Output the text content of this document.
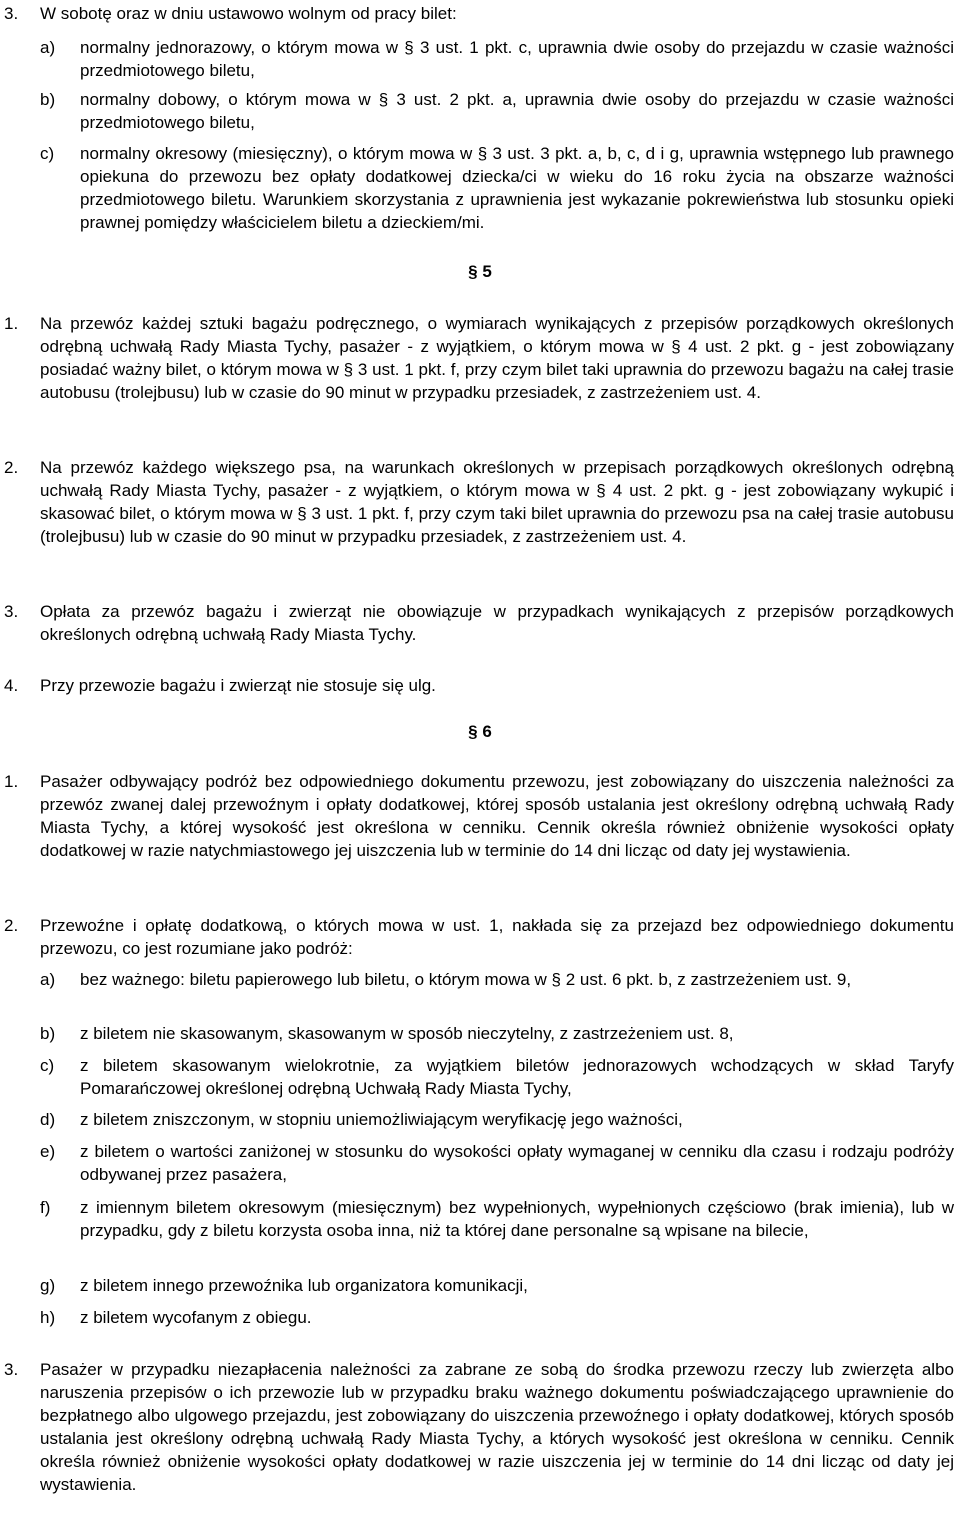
3. W sobotę oraz w dniu ustawowo wolnym od pracy bilet:
a) normalny jednorazowy, o którym mowa w § 3 ust. 1 pkt. c, uprawnia dwie osoby do przejazdu w czasie ważności przedmiotowego biletu,
b) normalny dobowy, o którym mowa w § 3 ust. 2 pkt. a, uprawnia dwie osoby do przejazdu w czasie ważności przedmiotowego biletu,
c) normalny okresowy (miesięczny), o którym mowa w § 3 ust. 3 pkt. a, b, c, d i g, uprawnia wstępnego lub prawnego opiekuna do przewozu bez opłaty dodatkowej dziecka/ci w wieku do 16 roku życia na obszarze ważności przedmiotowego biletu. Warunkiem skorzystania z uprawnienia jest wykazanie pokrewieństwa lub stosunku opieki prawnej pomiędzy właścicielem biletu a dzieckiem/mi.
§ 5
1. Na przewóz każdej sztuki bagażu podręcznego, o wymiarach wynikających z przepisów porządkowych określonych odrębną uchwałą Rady Miasta Tychy, pasażer - z wyjątkiem, o którym mowa w § 4 ust. 2 pkt. g - jest zobowiązany posiadać ważny bilet, o którym mowa w § 3 ust. 1 pkt. f, przy czym bilet taki uprawnia do przewozu bagażu na całej trasie autobusu (trolejbusu) lub w czasie do 90 minut w przypadku przesiadek, z zastrzeżeniem ust. 4.
2. Na przewóz każdego większego psa, na warunkach określonych w przepisach porządkowych określonych odrębną uchwałą Rady Miasta Tychy, pasażer - z wyjątkiem, o którym mowa w § 4 ust. 2 pkt. g - jest zobowiązany wykupić i skasować bilet, o którym mowa w § 3 ust. 1 pkt. f, przy czym taki bilet uprawnia do przewozu psa na całej trasie autobusu (trolejbusu) lub w czasie do 90 minut w przypadku przesiadek, z zastrzeżeniem ust. 4.
3. Opłata za przewóz bagażu i zwierząt nie obowiązuje w przypadkach wynikających z przepisów porządkowych określonych odrębną uchwałą Rady Miasta Tychy.
4. Przy przewozie bagażu i zwierząt nie stosuje się ulg.
§ 6
1. Pasażer odbywający podróż bez odpowiedniego dokumentu przewozu, jest zobowiązany do uiszczenia należności za przewóz zwanej dalej przewoźnym i opłaty dodatkowej, której sposób ustalania jest określony odrębną uchwałą Rady Miasta Tychy, a której wysokość jest określona w cenniku. Cennik określa również obniżenie wysokości opłaty dodatkowej w razie natychmiastowego jej uiszczenia lub w terminie do 14 dni licząc od daty jej wystawienia.
2. Przewoźne i opłatę dodatkową, o których mowa w ust. 1, nakłada się za przejazd bez odpowiedniego dokumentu przewozu, co jest rozumiane jako podróż:
a) bez ważnego: biletu papierowego lub biletu, o którym mowa w § 2 ust. 6 pkt. b, z zastrzeżeniem ust. 9,
b) z biletem nie skasowanym, skasowanym w sposób nieczytelny, z zastrzeżeniem ust. 8,
c) z biletem skasowanym wielokrotnie, za wyjątkiem biletów jednorazowych wchodzących w skład Taryfy Pomarańczowej określonej odrębną Uchwałą Rady Miasta Tychy,
d) z biletem zniszczonym, w stopniu uniemożliwiającym weryfikację jego ważności,
e) z biletem o wartości zaniżonej w stosunku do wysokości opłaty wymaganej w cenniku dla czasu i rodzaju podróży odbywanej przez pasażera,
f) z imiennym biletem okresowym (miesięcznym) bez wypełnionych, wypełnionych częściowo (brak imienia), lub w przypadku, gdy z biletu korzysta osoba inna, niż ta której dane personalne są wpisane na bilecie,
g) z biletem innego przewoźnika lub organizatora komunikacji,
h) z biletem wycofanym z obiegu.
3. Pasażer w przypadku niezapłacenia należności za zabrane ze sobą do środka przewozu rzeczy lub zwierzęta albo naruszenia przepisów o ich przewozie lub w przypadku braku ważnego dokumentu poświadczającego uprawnienie do bezpłatnego albo ulgowego przejazdu, jest zobowiązany do uiszczenia przewoźnego i opłaty dodatkowej, których sposób ustalania jest określony odrębną uchwałą Rady Miasta Tychy, a których wysokość jest określona w cenniku. Cennik określa również obniżenie wysokości opłaty dodatkowej w razie uiszczenia jej w terminie do 14 dni licząc od daty jej wystawienia.
